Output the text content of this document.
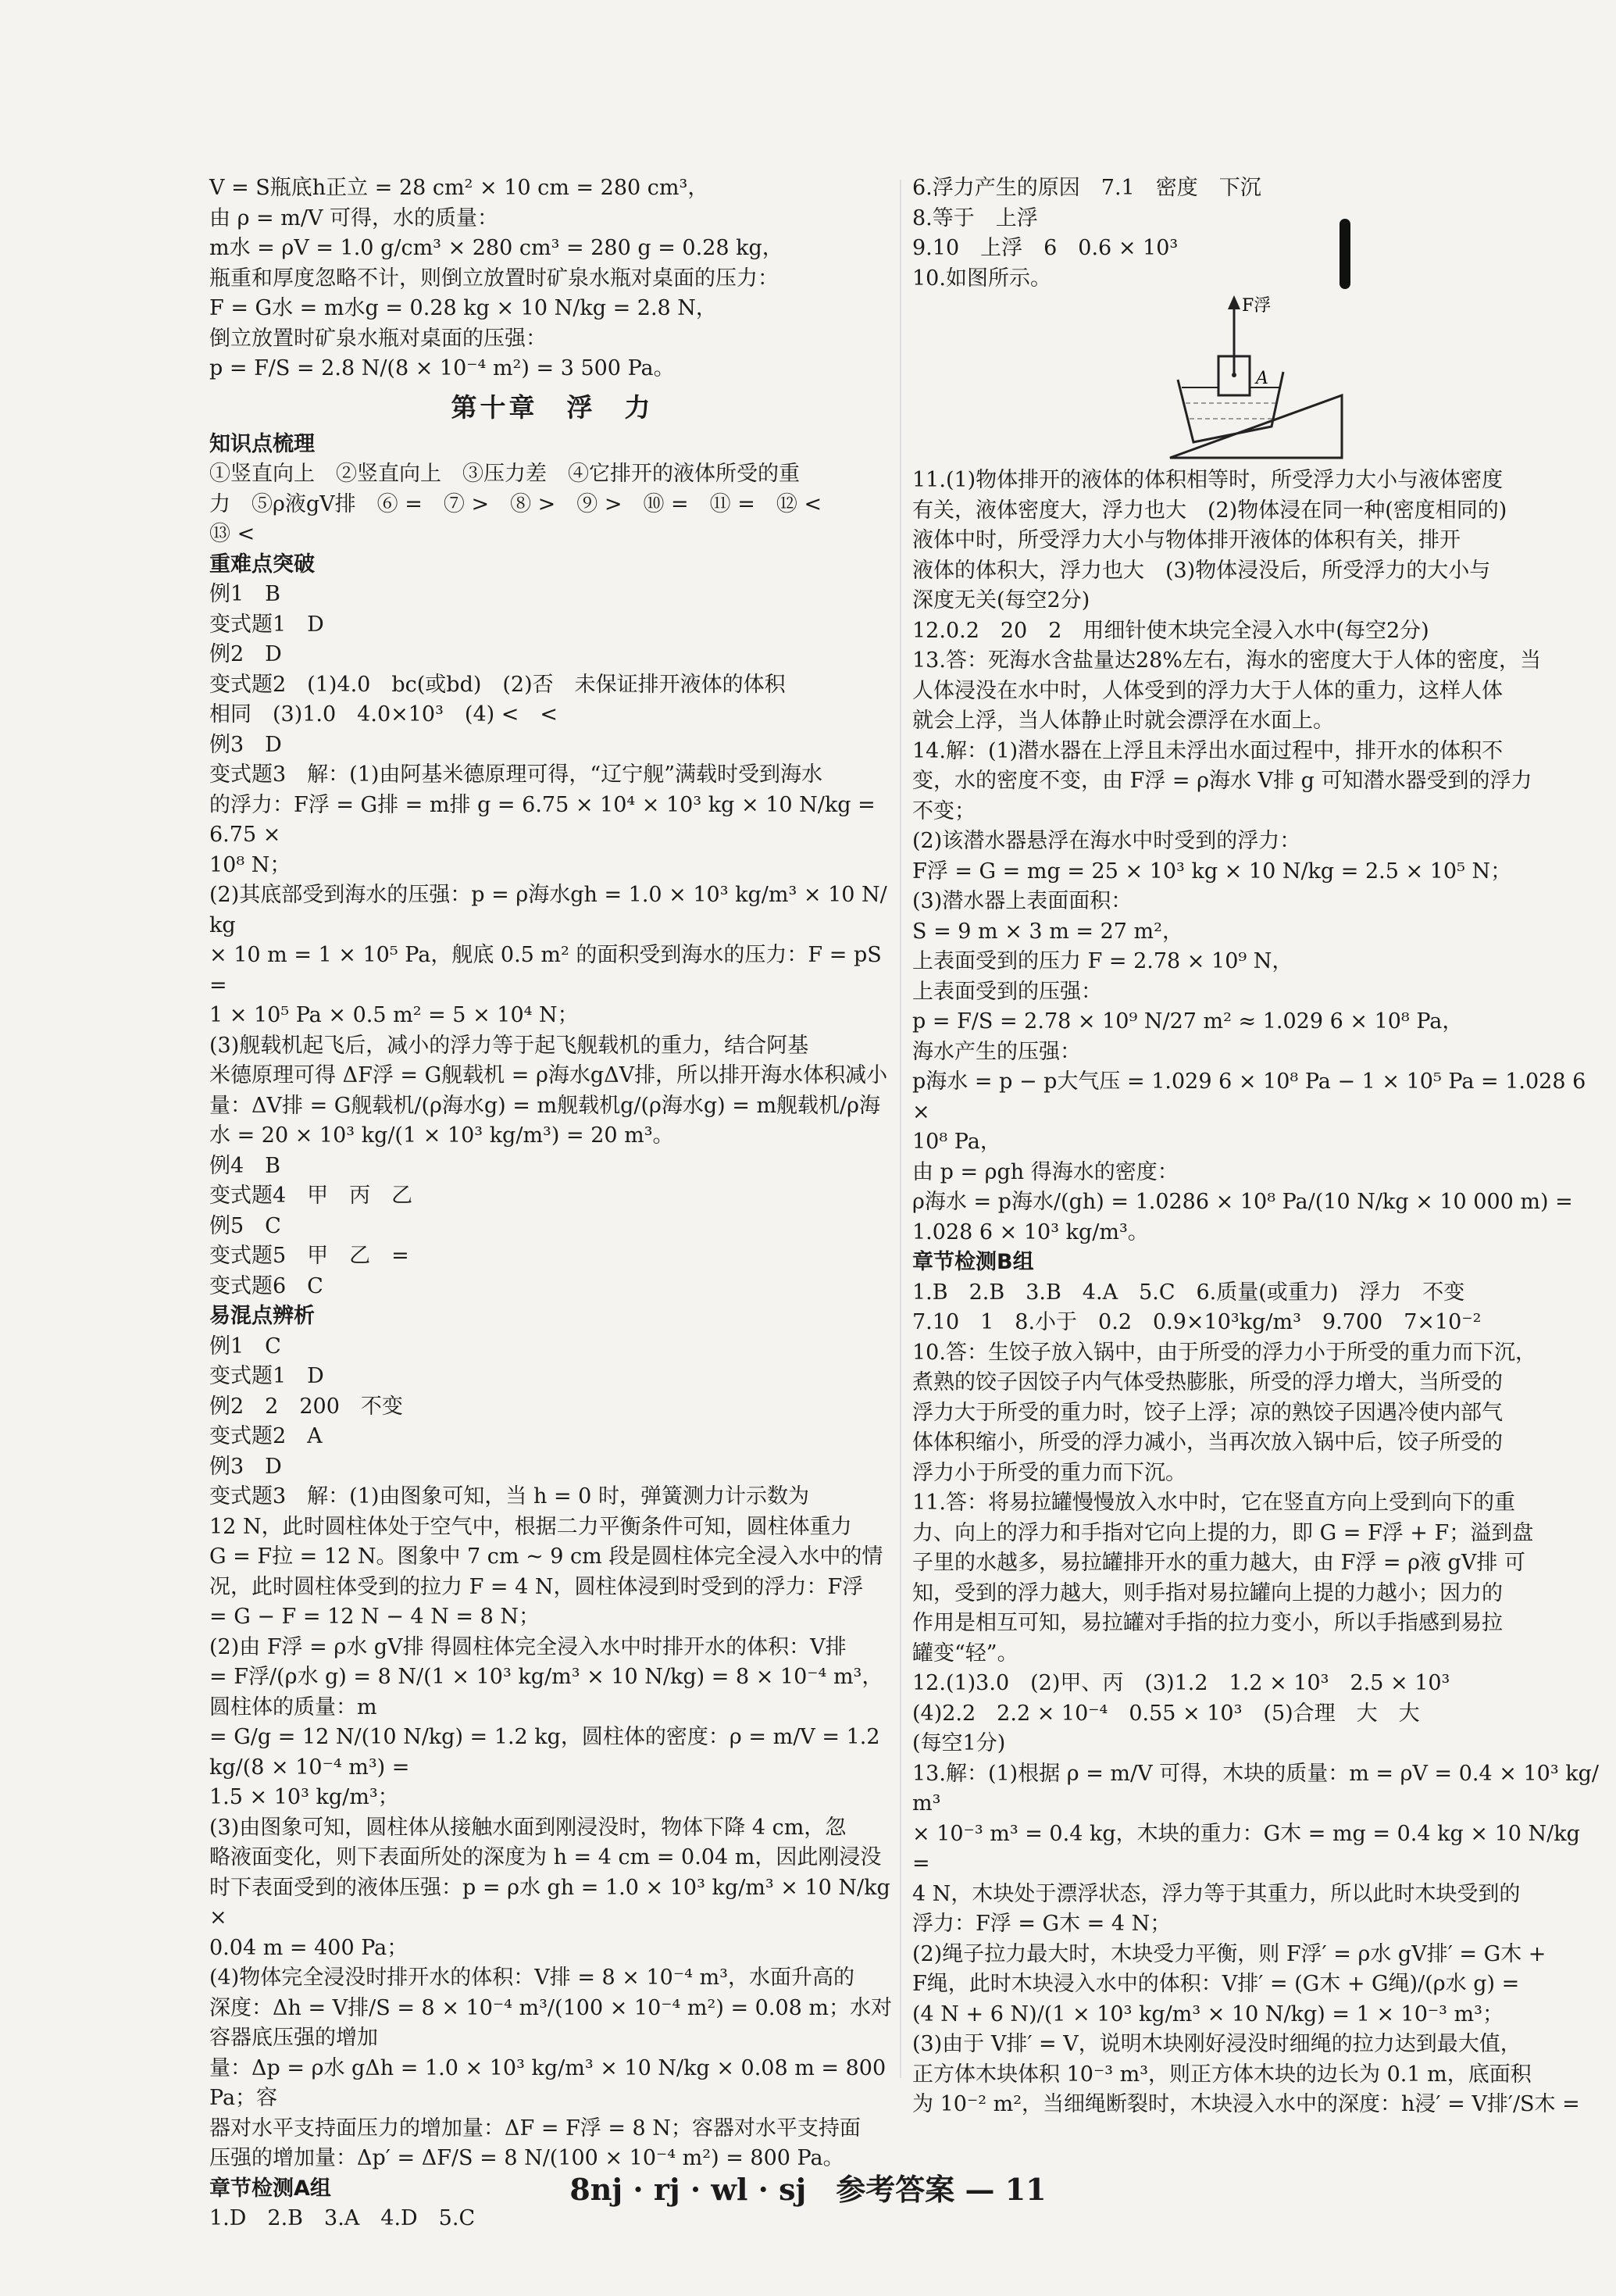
V = S瓶底h正立 = 28 cm² × 10 cm = 280 cm³，
由 ρ = m/V 可得，水的质量：
m水 = ρV = 1.0 g/cm³ × 280 cm³ = 280 g = 0.28 kg，
瓶重和厚度忽略不计，则倒立放置时矿泉水瓶对桌面的压力：
F = G水 = m水g = 0.28 kg × 10 N/kg = 2.8 N，
倒立放置时矿泉水瓶对桌面的压强：
p = F/S = 2.8 N/(8 × 10⁻⁴ m²) = 3 500 Pa。
第十章　浮　力
知识点梳理
①竖直向上　②竖直向上　③压力差　④它排开的液体所受的重
力　⑤ρ液gV排　⑥ =　⑦ >　⑧ >　⑨ >　⑩ =　⑪ =　⑫ <
⑬ <
重难点突破
例1　B
变式题1　D
例2　D
变式题2　(1)4.0　bc(或bd)　(2)否　未保证排开液体的体积
相同　(3)1.0　4.0×10³　(4) <　<
例3　D
变式题3　解：(1)由阿基米德原理可得，“辽宁舰”满载时受到海水
的浮力：F浮 = G排 = m排 g = 6.75 × 10⁴ × 10³ kg × 10 N/kg = 6.75 ×
10⁸ N；
(2)其底部受到海水的压强：p = ρ海水gh = 1.0 × 10³ kg/m³ × 10 N/kg
× 10 m = 1 × 10⁵ Pa，舰底 0.5 m² 的面积受到海水的压力：F = pS =
1 × 10⁵ Pa × 0.5 m² = 5 × 10⁴ N；
(3)舰载机起飞后，减小的浮力等于起飞舰载机的重力，结合阿基
米德原理可得 ΔF浮 = G舰载机 = ρ海水gΔV排，所以排开海水体积减小
量：ΔV排 = G舰载机/(ρ海水g) = m舰载机g/(ρ海水g) = m舰载机/ρ海水 = 20 × 10³ kg/(1 × 10³ kg/m³) = 20 m³。
例4　B
变式题4　甲　丙　乙
例5　C
变式题5　甲　乙　=
变式题6　C
易混点辨析
例1　C
变式题1　D
例2　2　200　不变
变式题2　A
例3　D
变式题3　解：(1)由图象可知，当 h = 0 时，弹簧测力计示数为
12 N，此时圆柱体处于空气中，根据二力平衡条件可知，圆柱体重力
G = F拉 = 12 N。图象中 7 cm ~ 9 cm 段是圆柱体完全浸入水中的情
况，此时圆柱体受到的拉力 F = 4 N，圆柱体浸到时受到的浮力：F浮
= G − F = 12 N − 4 N = 8 N；
(2)由 F浮 = ρ水 gV排 得圆柱体完全浸入水中时排开水的体积：V排
= F浮/(ρ水 g) = 8 N/(1 × 10³ kg/m³ × 10 N/kg) = 8 × 10⁻⁴ m³，圆柱体的质量：m
= G/g = 12 N/(10 N/kg) = 1.2 kg，圆柱体的密度：ρ = m/V = 1.2 kg/(8 × 10⁻⁴ m³) =
1.5 × 10³ kg/m³；
(3)由图象可知，圆柱体从接触水面到刚浸没时，物体下降 4 cm，忽
略液面变化，则下表面所处的深度为 h = 4 cm = 0.04 m，因此刚浸没
时下表面受到的液体压强：p = ρ水 gh = 1.0 × 10³ kg/m³ × 10 N/kg ×
0.04 m = 400 Pa；
(4)物体完全浸没时排开水的体积：V排 = 8 × 10⁻⁴ m³，水面升高的
深度：Δh = V排/S = 8 × 10⁻⁴ m³/(100 × 10⁻⁴ m²) = 0.08 m；水对容器底压强的增加
量：Δp = ρ水 gΔh = 1.0 × 10³ kg/m³ × 10 N/kg × 0.08 m = 800 Pa；容
器对水平支持面压力的增加量：ΔF = F浮 = 8 N；容器对水平支持面
压强的增加量：Δp′ = ΔF/S = 8 N/(100 × 10⁻⁴ m²) = 800 Pa。
章节检测A组
1.D　2.B　3.A　4.D　5.C
6.浮力产生的原因　7.1　密度　下沉
8.等于　上浮
9.10　上浮　6　0.6 × 10³
10.如图所示。
F浮
A
11.(1)物体排开的液体的体积相等时，所受浮力大小与液体密度
有关，液体密度大，浮力也大　(2)物体浸在同一种(密度相同的)
液体中时，所受浮力大小与物体排开液体的体积有关，排开
液体的体积大，浮力也大　(3)物体浸没后，所受浮力的大小与
深度无关(每空2分)
12.0.2　20　2　用细针使木块完全浸入水中(每空2分)
13.答：死海水含盐量达28%左右，海水的密度大于人体的密度，当
人体浸没在水中时，人体受到的浮力大于人体的重力，这样人体
就会上浮，当人体静止时就会漂浮在水面上。
14.解：(1)潜水器在上浮且未浮出水面过程中，排开水的体积不
变，水的密度不变，由 F浮 = ρ海水 V排 g 可知潜水器受到的浮力
不变；
(2)该潜水器悬浮在海水中时受到的浮力：
F浮 = G = mg = 25 × 10³ kg × 10 N/kg = 2.5 × 10⁵ N；
(3)潜水器上表面面积：
S = 9 m × 3 m = 27 m²，
上表面受到的压力 F = 2.78 × 10⁹ N，
上表面受到的压强：
p = F/S = 2.78 × 10⁹ N/27 m² ≈ 1.029 6 × 10⁸ Pa，
海水产生的压强：
p海水 = p − p大气压 = 1.029 6 × 10⁸ Pa − 1 × 10⁵ Pa = 1.028 6 ×
10⁸ Pa，
由 p = ρgh 得海水的密度：
ρ海水 = p海水/(gh) = 1.0286 × 10⁸ Pa/(10 N/kg × 10 000 m) = 1.028 6 × 10³ kg/m³。
章节检测B组
1.B　2.B　3.B　4.A　5.C　6.质量(或重力)　浮力　不变
7.10　1　8.小于　0.2　0.9×10³kg/m³　9.700　7×10⁻²
10.答：生饺子放入锅中，由于所受的浮力小于所受的重力而下沉，
煮熟的饺子因饺子内气体受热膨胀，所受的浮力增大，当所受的
浮力大于所受的重力时，饺子上浮；凉的熟饺子因遇冷使内部气
体体积缩小，所受的浮力减小，当再次放入锅中后，饺子所受的
浮力小于所受的重力而下沉。
11.答：将易拉罐慢慢放入水中时，它在竖直方向上受到向下的重
力、向上的浮力和手指对它向上提的力，即 G = F浮 + F；溢到盘
子里的水越多，易拉罐排开水的重力越大，由 F浮 = ρ液 gV排 可
知，受到的浮力越大，则手指对易拉罐向上提的力越小；因力的
作用是相互可知，易拉罐对手指的拉力变小，所以手指感到易拉
罐变“轻”。
12.(1)3.0　(2)甲、丙　(3)1.2　1.2 × 10³　2.5 × 10³
(4)2.2　2.2 × 10⁻⁴　0.55 × 10³　(5)合理　大　大
(每空1分)
13.解：(1)根据 ρ = m/V 可得，木块的质量：m = ρV = 0.4 × 10³ kg/m³
× 10⁻³ m³ = 0.4 kg，木块的重力：G木 = mg = 0.4 kg × 10 N/kg =
4 N，木块处于漂浮状态，浮力等于其重力，所以此时木块受到的
浮力：F浮 = G木 = 4 N；
(2)绳子拉力最大时，木块受力平衡，则 F浮′ = ρ水 gV排′ = G木 +
F绳，此时木块浸入水中的体积：V排′ = (G木 + G绳)/(ρ水 g) =
(4 N + 6 N)/(1 × 10³ kg/m³ × 10 N/kg) = 1 × 10⁻³ m³；
(3)由于 V排′ = V，说明木块刚好浸没时细绳的拉力达到最大值，
正方体木块体积 10⁻³ m³，则正方体木块的边长为 0.1 m，底面积
为 10⁻² m²，当细绳断裂时，木块浸入水中的深度：h浸′ = V排′/S木 =
8nj · rj · wl · sj　参考答案 — 11
